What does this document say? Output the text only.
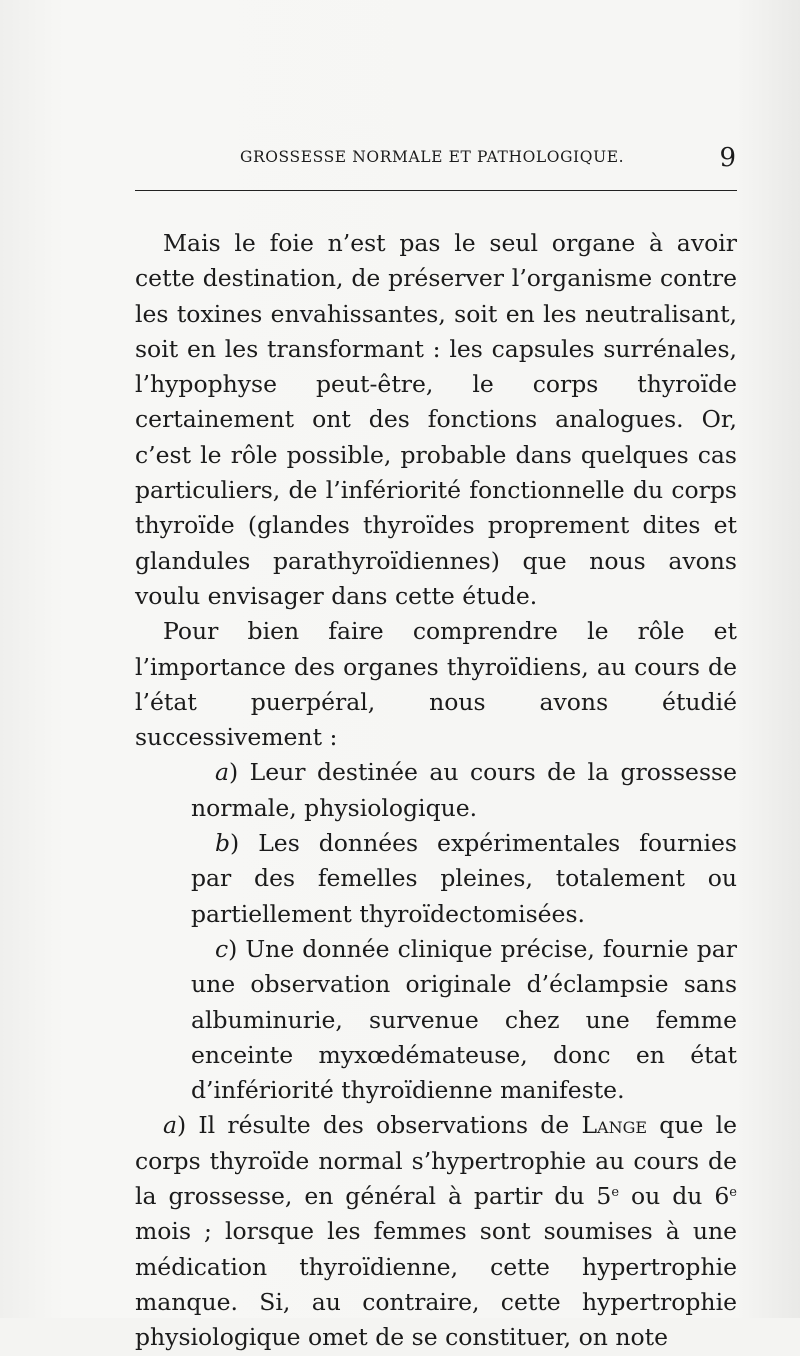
GROSSESSE NORMALE ET PATHOLOGIQUE.	9

Mais le foie n’est pas le seul organe à avoir cette destination, de préserver l’organisme contre les toxines envahissantes, soit en les neutralisant, soit en les transformant : les capsules surrénales, l’hypophyse peut-être, le corps thyroïde certainement ont des fonctions analogues. Or, c’est le rôle possible, probable dans quelques cas particuliers, de l’infériorité fonctionnelle du corps thyroïde (glandes thyroïdes proprement dites et glandules parathyroïdiennes) que nous avons voulu envisager dans cette étude.

Pour bien faire comprendre le rôle et l’importance des organes thyroïdiens, au cours de l’état puerpéral, nous avons étudié successivement :

a) Leur destinée au cours de la grossesse normale, physiologique.

b) Les données expérimentales fournies par des femelles pleines, totalement ou partiellement thyroïdectomisées.

c) Une donnée clinique précise, fournie par une observation originale d’éclampsie sans albuminurie, survenue chez une femme enceinte myxœdémateuse, donc en état d’infériorité thyroïdienne manifeste.

a) Il résulte des observations de Lange que le corps thyroïde normal s’hypertrophie au cours de la grossesse, en général à partir du 5e ou du 6e mois ; lorsque les femmes sont soumises à une médication thyroïdienne, cette hypertrophie manque. Si, au contraire, cette hypertrophie physiologique omet de se constituer, on note
